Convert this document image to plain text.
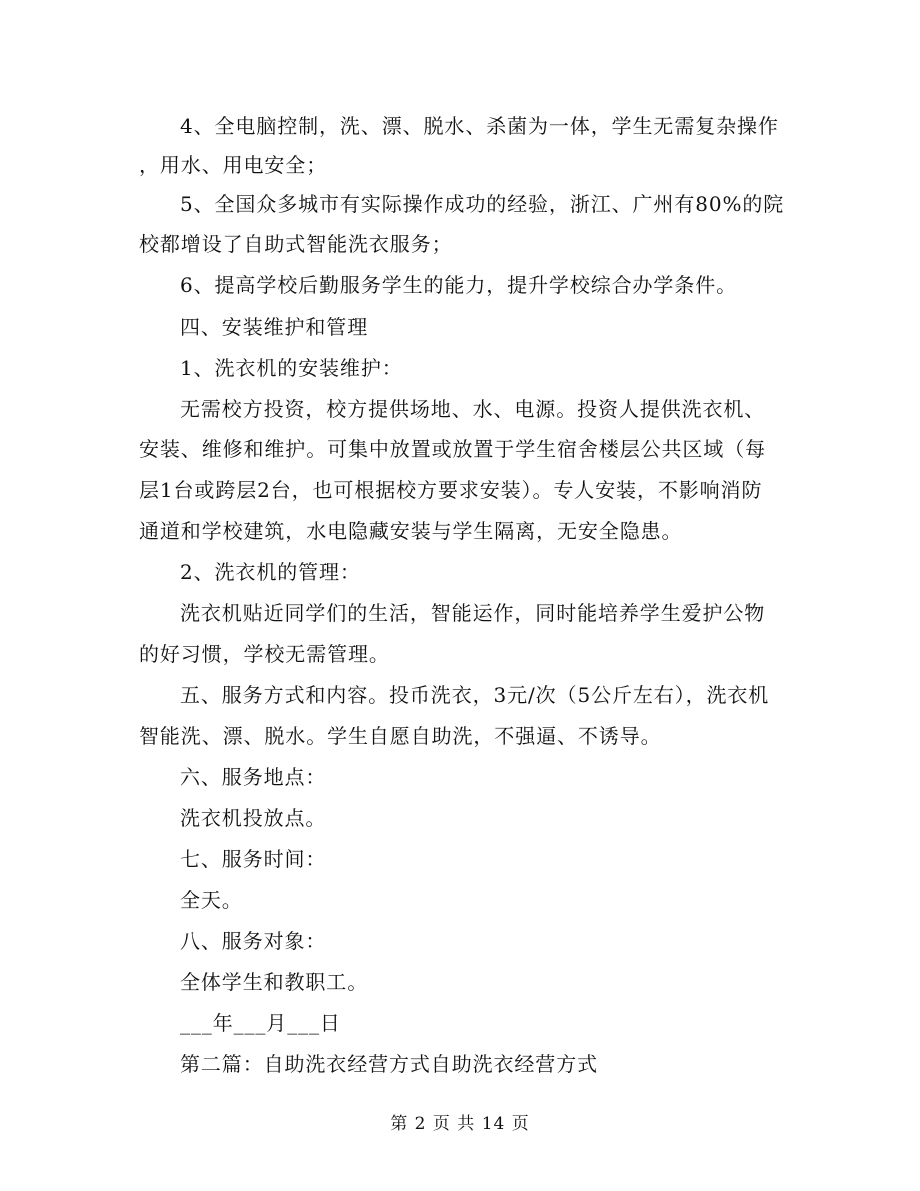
4、全电脑控制，洗、漂、脱水、杀菌为一体，学生无需复杂操作
，用水、用电安全；
5、全国众多城市有实际操作成功的经验，浙江、广州有80%的院
校都增设了自助式智能洗衣服务；
6、提高学校后勤服务学生的能力，提升学校综合办学条件。
四、安装维护和管理
1、洗衣机的安装维护：
无需校方投资，校方提供场地、水、电源。投资人提供洗衣机、
安装、维修和维护。可集中放置或放置于学生宿舍楼层公共区域（每
层1台或跨层2台，也可根据校方要求安装）。专人安装，不影响消防
通道和学校建筑，水电隐藏安装与学生隔离，无安全隐患。
2、洗衣机的管理：
洗衣机贴近同学们的生活，智能运作，同时能培养学生爱护公物
的好习惯，学校无需管理。
五、服务方式和内容。投币洗衣，3元/次（5公斤左右），洗衣机
智能洗、漂、脱水。学生自愿自助洗，不强逼、不诱导。
六、服务地点：
洗衣机投放点。
七、服务时间：
全天。
八、服务对象：
全体学生和教职工。
___年___月___日
第二篇：自助洗衣经营方式自助洗衣经营方式
第 2 页 共 14 页
